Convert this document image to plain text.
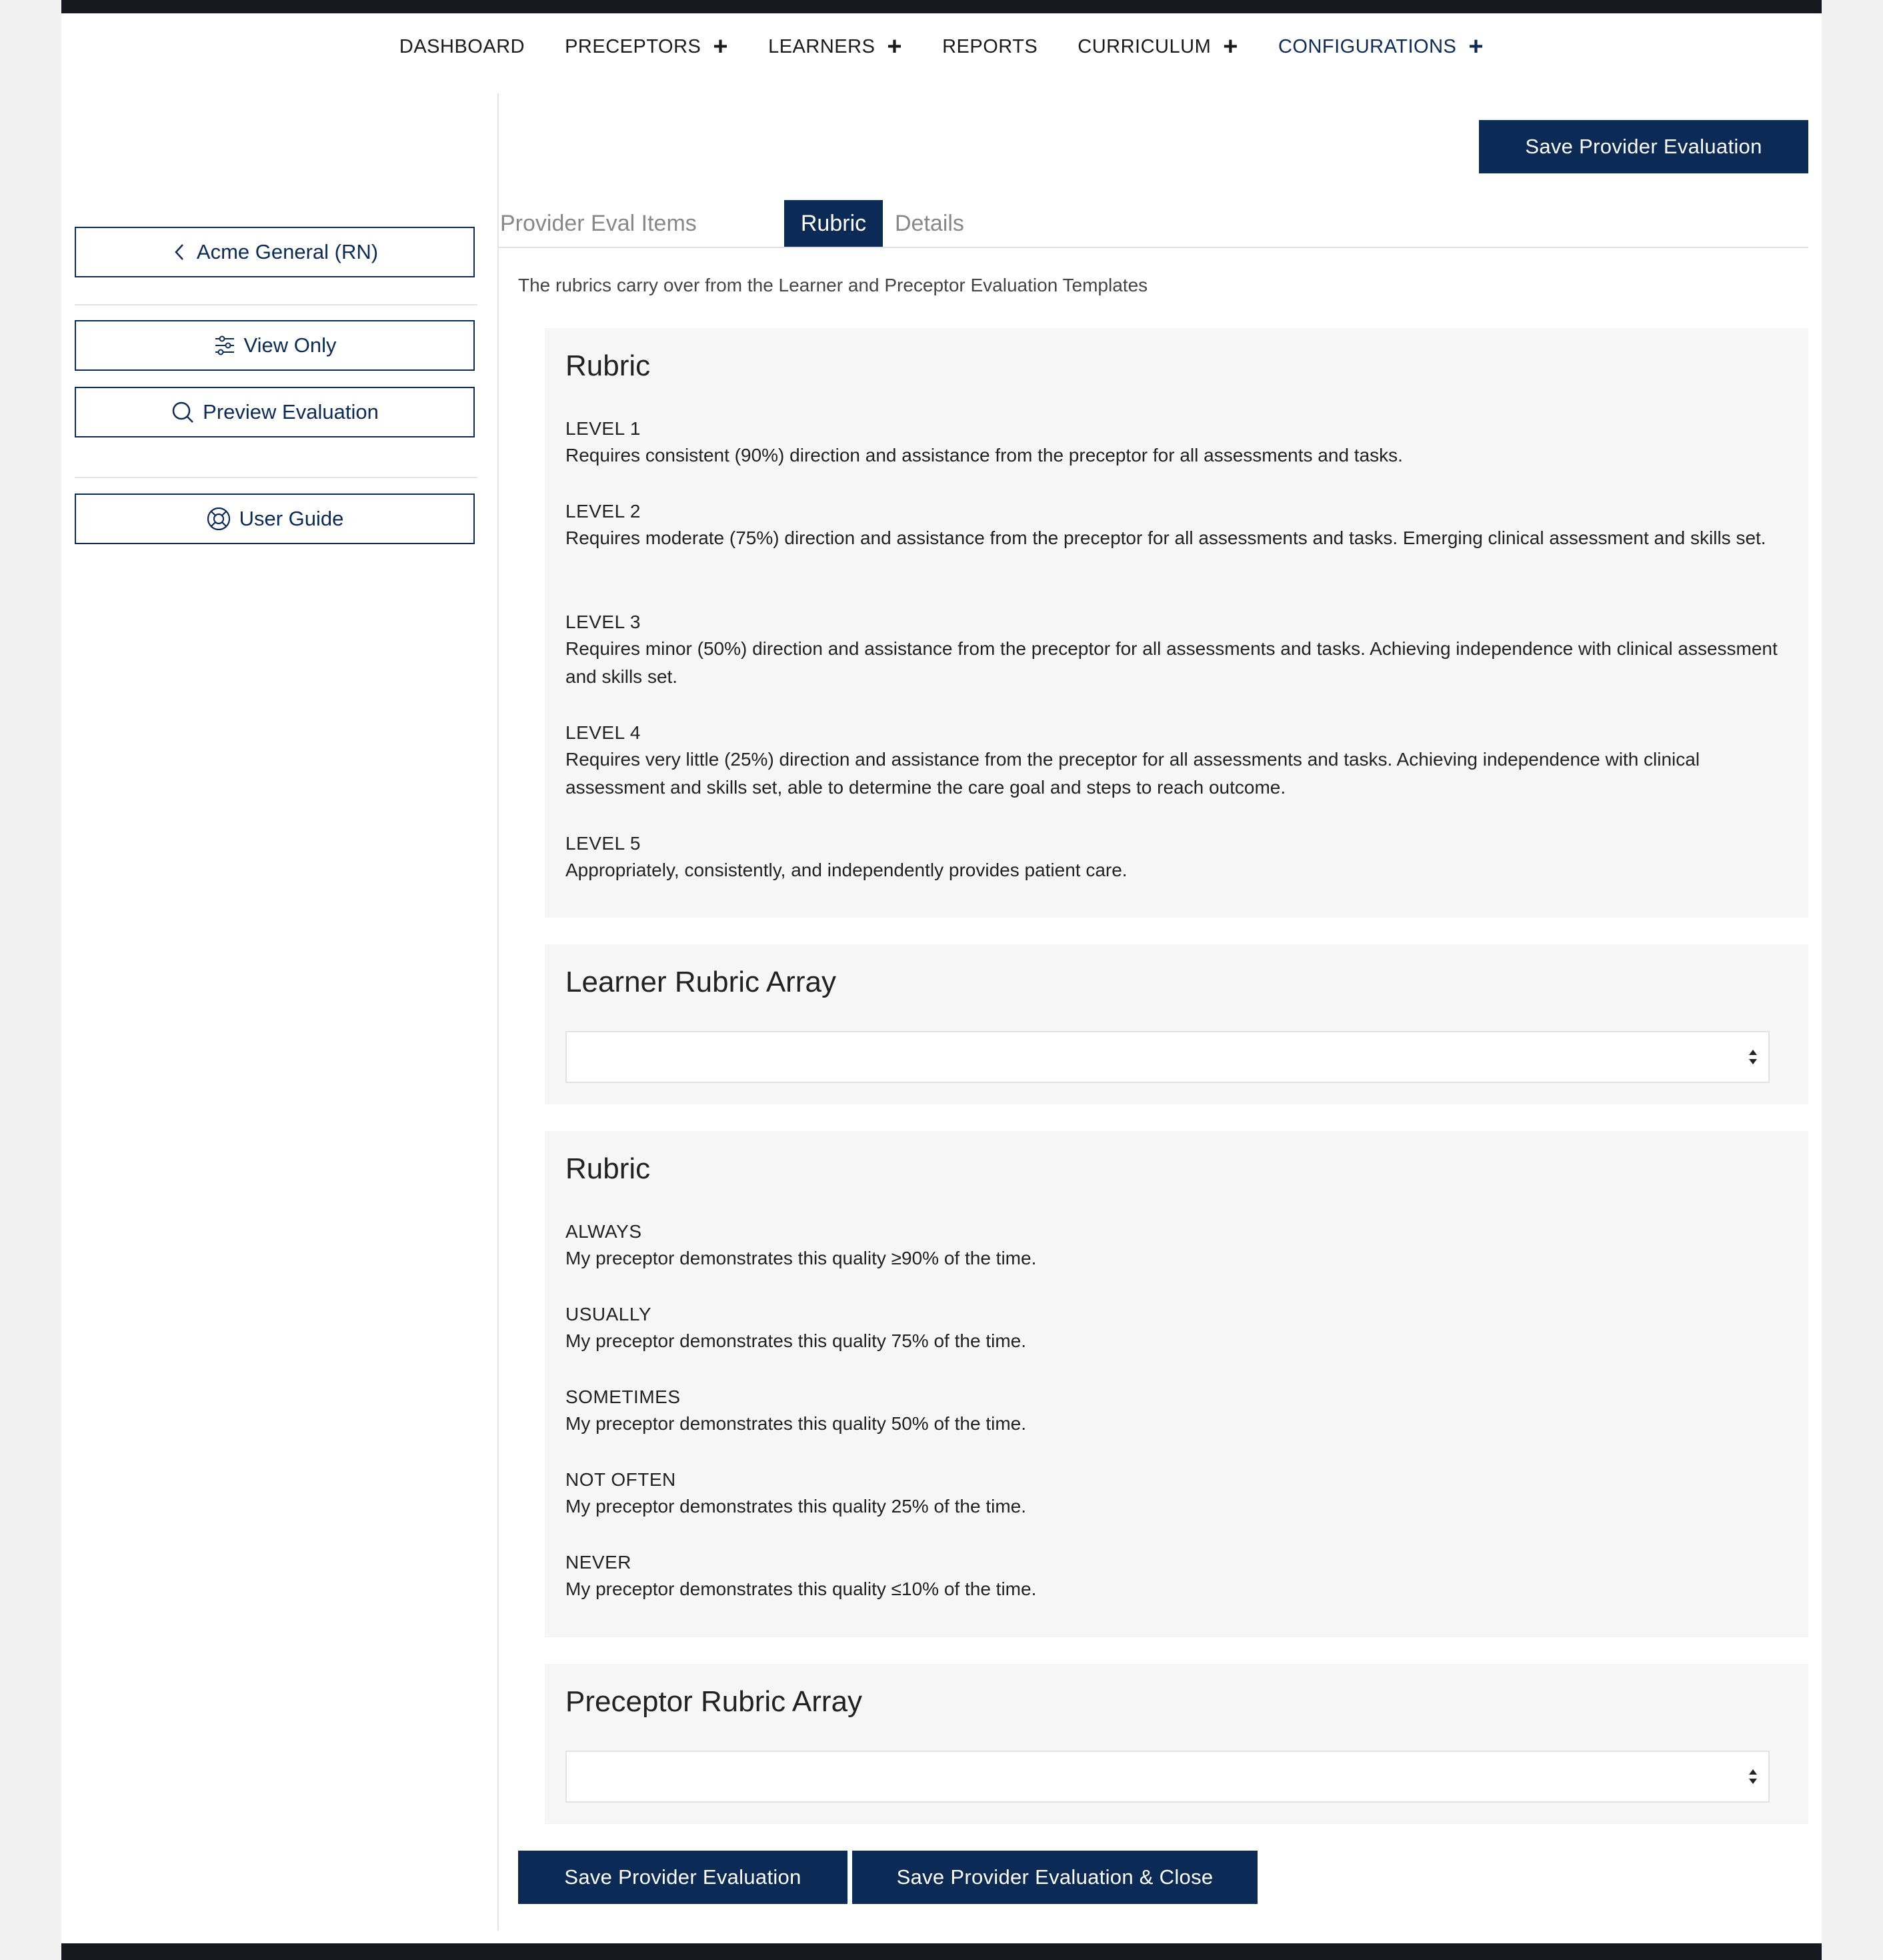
DASHBOARD PRECEPTORS + LEARNERS + REPORTS CURRICULUM + CONFIGURATIONS +
Acme General (RN)
View Only
Preview Evaluation
User Guide
Save Provider Evaluation
Provider Eval Items	Rubric Details
The rubrics carry over from the Learner and Preceptor Evaluation Templates
Rubric
LEVEL 1
Requires consistent (90%) direction and assistance from the preceptor for all assessments and tasks.
LEVEL 2
Requires moderate (75%) direction and assistance from the preceptor for all assessments and tasks. Emerging clinical assessment and skills set.
LEVEL 3
Requires minor (50%) direction and assistance from the preceptor for all assessments and tasks. Achieving independence with clinical assessment and skills set.
LEVEL 4
Requires very little (25%) direction and assistance from the preceptor for all assessments and tasks. Achieving independence with clinical assessment and skills set, able to determine the care goal and steps to reach outcome.
LEVEL 5
Appropriately, consistently, and independently provides patient care.
Learner Rubric Array
Rubric
ALWAYS
My preceptor demonstrates this quality ≥90% of the time.
USUALLY
My preceptor demonstrates this quality 75% of the time.
SOMETIMES
My preceptor demonstrates this quality 50% of the time.
NOT OFTEN
My preceptor demonstrates this quality 25% of the time.
NEVER
My preceptor demonstrates this quality ≤10% of the time.
Preceptor Rubric Array
Save Provider Evaluation	Save Provider Evaluation & Close
